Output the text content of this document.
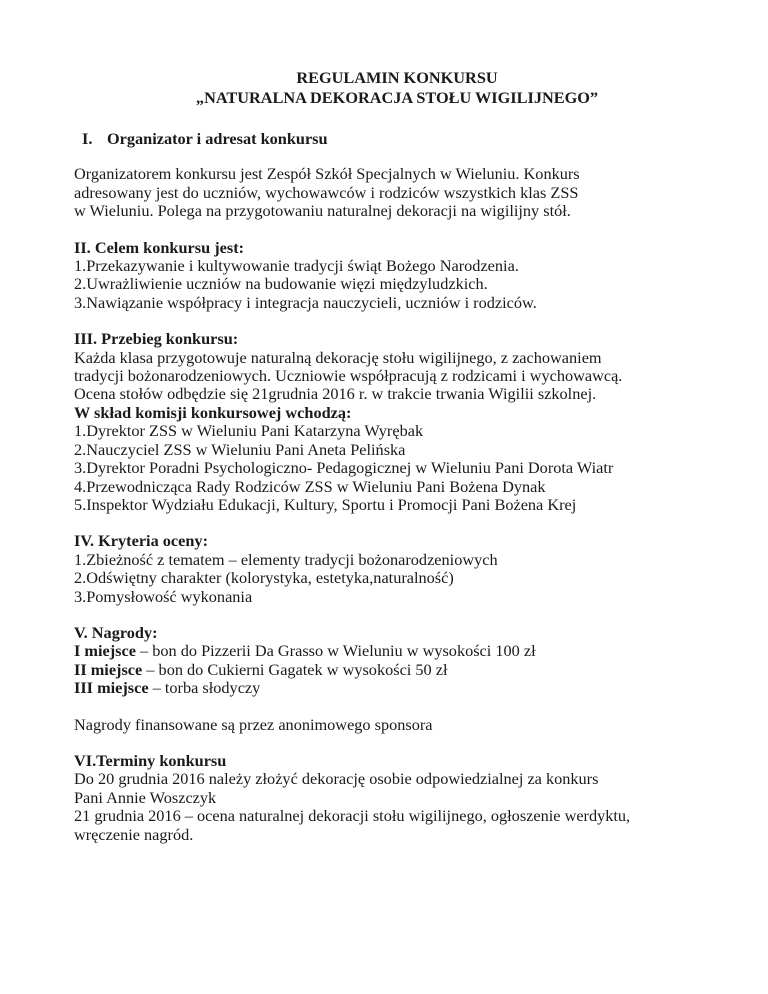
REGULAMIN KONKURSU
„NATURALNA DEKORACJA STOŁU WIGILIJNEGO”
I. Organizator i adresat konkursu
Organizatorem konkursu jest Zespół Szkół Specjalnych w Wieluniu. Konkurs
adresowany jest do uczniów, wychowawców i rodziców wszystkich klas ZSS
w Wieluniu. Polega na przygotowaniu naturalnej dekoracji na wigilijny stół.
II. Celem konkursu jest:
1.Przekazywanie i kultywowanie tradycji świąt Bożego Narodzenia.
2.Uwrażliwienie uczniów na budowanie więzi międzyludzkich.
3.Nawiązanie współpracy i integracja nauczycieli, uczniów i rodziców.
III. Przebieg konkursu:
Każda klasa przygotowuje naturalną dekorację stołu wigilijnego, z zachowaniem
tradycji bożonarodzeniowych. Uczniowie współpracują z rodzicami i wychowawcą.
Ocena stołów odbędzie się 21grudnia 2016 r. w trakcie trwania Wigilii szkolnej.
W skład komisji konkursowej wchodzą:
1.Dyrektor ZSS w Wieluniu Pani Katarzyna Wyrębak
2.Nauczyciel ZSS w Wieluniu Pani Aneta Pelińska
3.Dyrektor Poradni Psychologiczno- Pedagogicznej w Wieluniu Pani Dorota Wiatr
4.Przewodnicząca Rady Rodziców ZSS w Wieluniu Pani Bożena Dynak
5.Inspektor Wydziału Edukacji, Kultury, Sportu i Promocji Pani Bożena Krej
IV. Kryteria oceny:
1.Zbieżność z tematem – elementy tradycji bożonarodzeniowych
2.Odświętny charakter (kolorystyka, estetyka,naturalność)
3.Pomysłowość wykonania
V. Nagrody:
I miejsce – bon do Pizzerii Da Grasso w Wieluniu w wysokości 100 zł
II miejsce – bon do Cukierni Gagatek w wysokości 50 zł
III miejsce – torba słodyczy
Nagrody finansowane są przez anonimowego sponsora
VI.Terminy konkursu
Do 20 grudnia 2016 należy złożyć dekorację osobie odpowiedzialnej za konkurs
Pani Annie Woszczyk
21 grudnia 2016 – ocena naturalnej dekoracji stołu wigilijnego, ogłoszenie werdyktu,
wręczenie nagród.
